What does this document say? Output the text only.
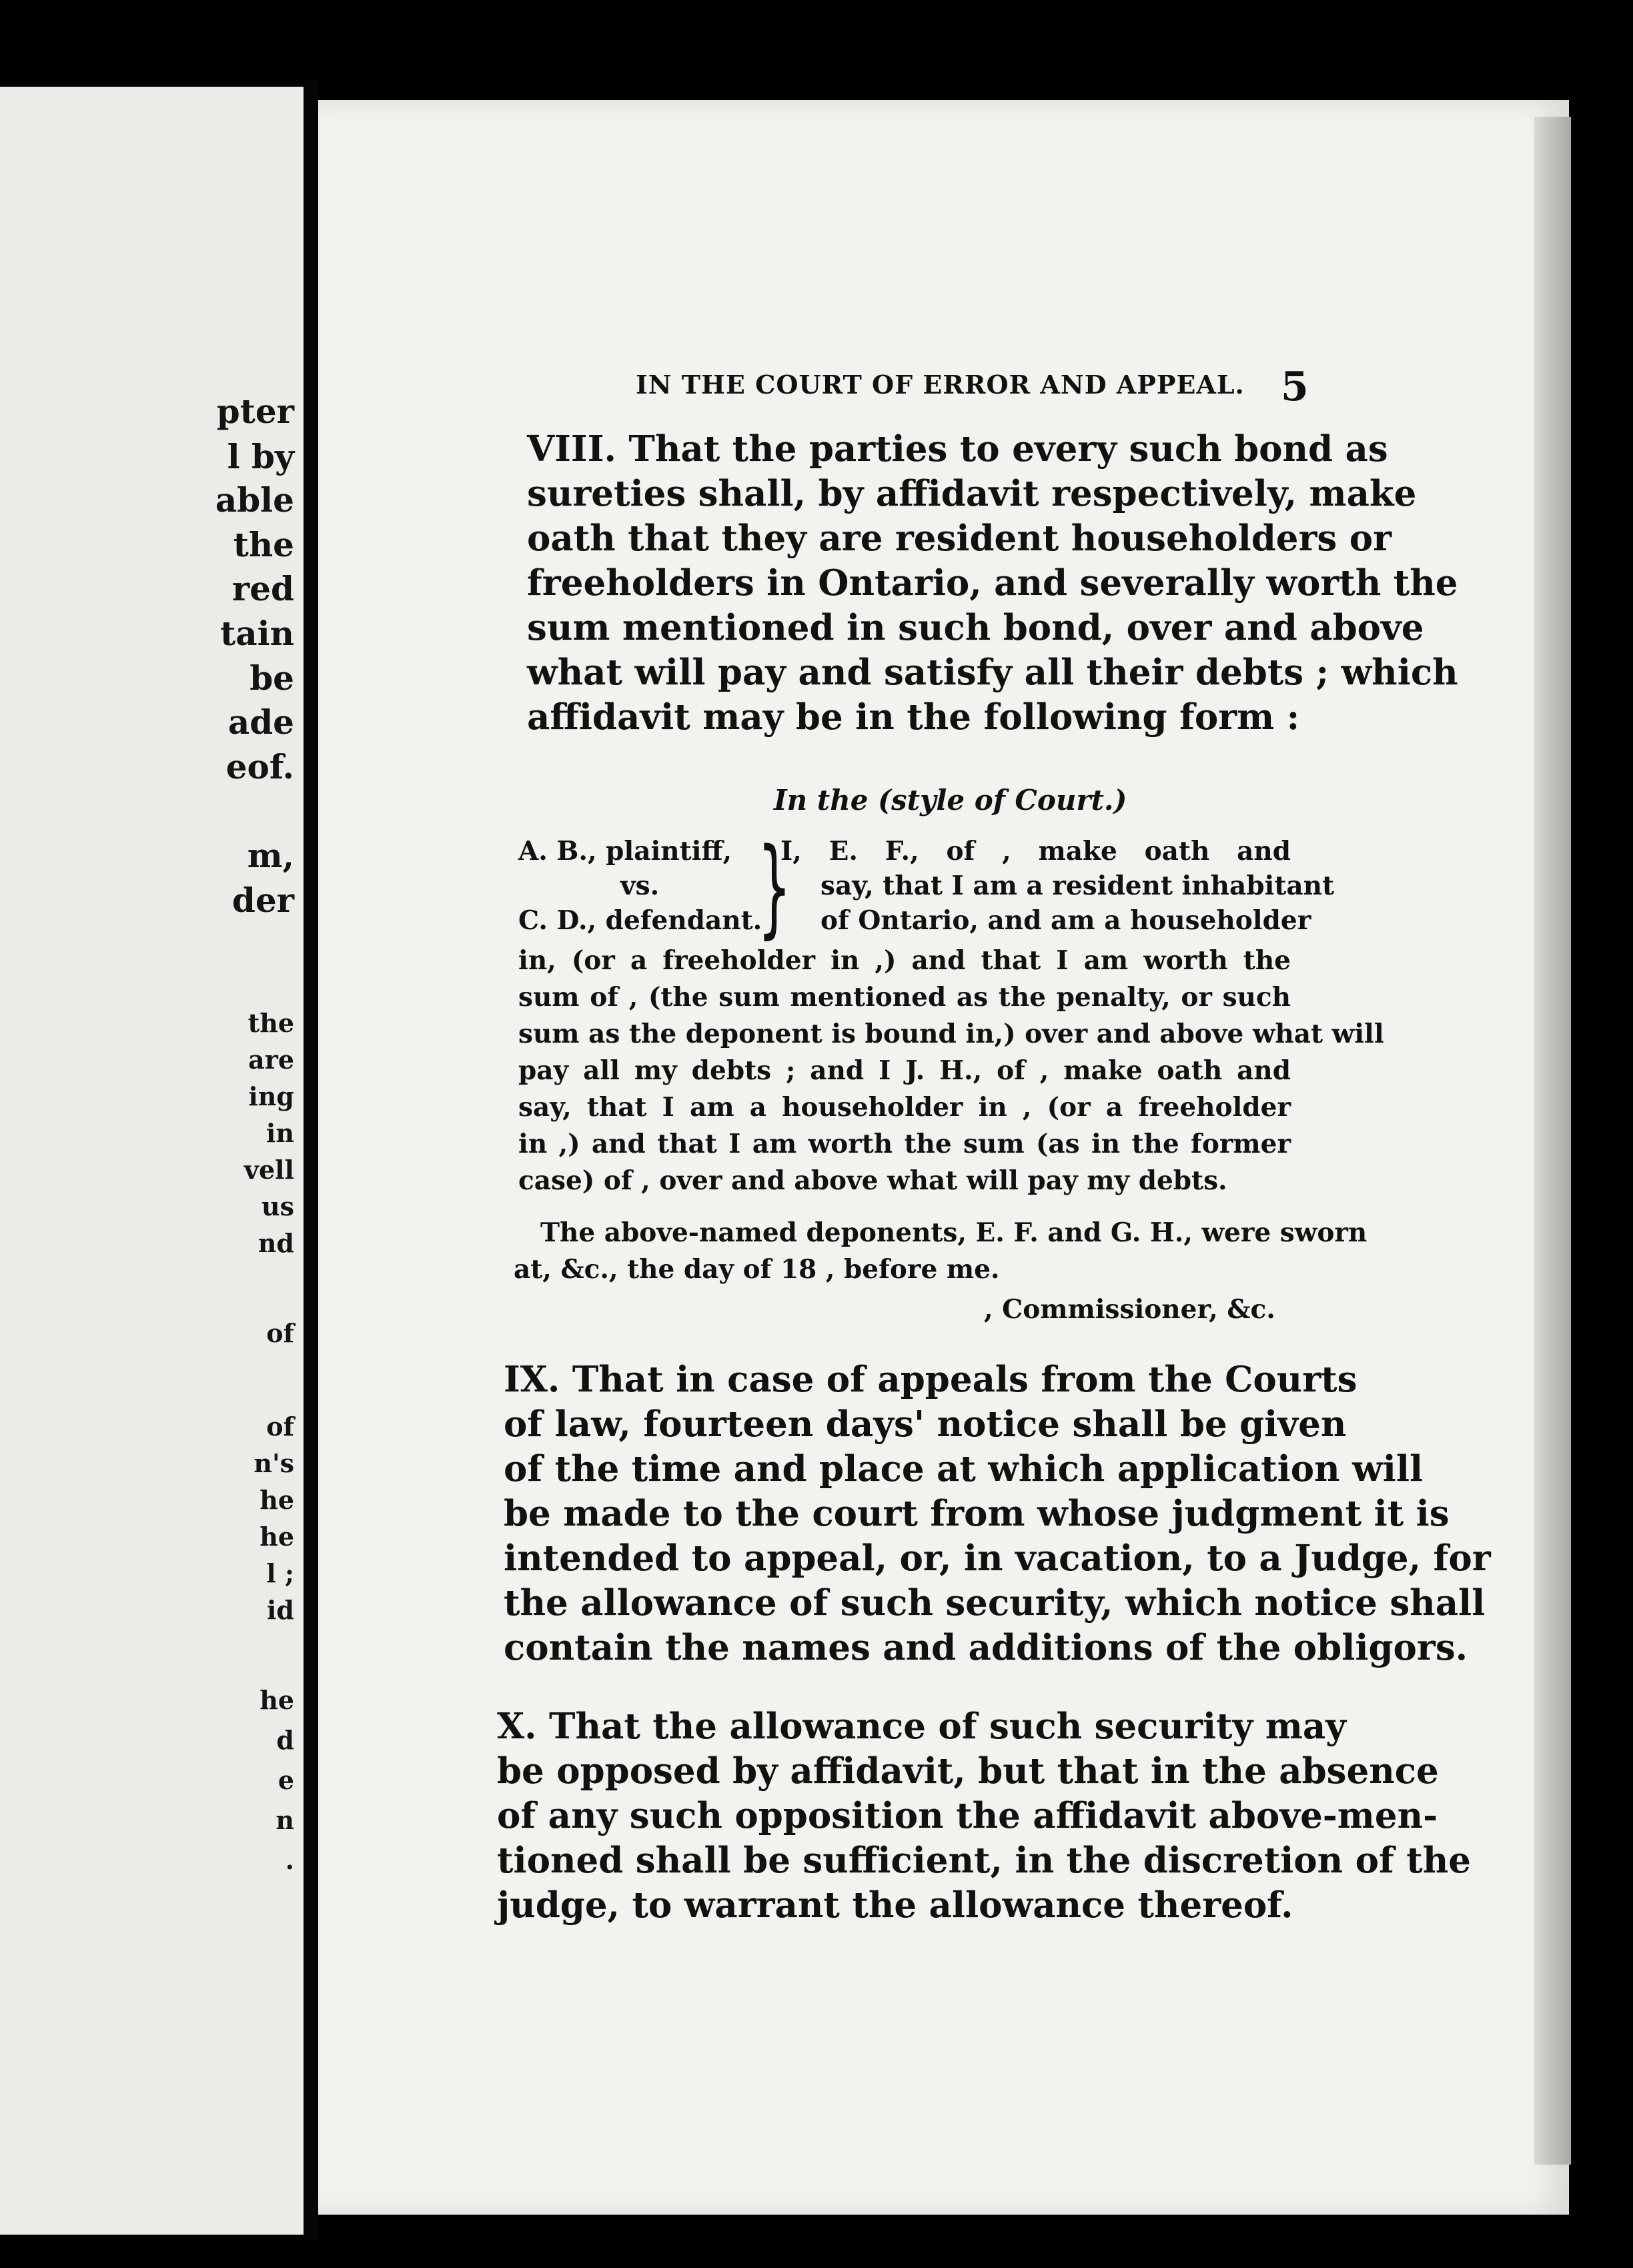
pter
l by
able
the
red
tain
be
ade
eof.
m,
der
the
are
ing
in
vell
us
nd
of
of
n's
he
he
l ;
id
he
d
e
n
.
IN THE COURT OF ERROR AND APPEAL. 5
VIII. That the parties to every such bond as
sureties shall, by affidavit respectively, make
oath that they are resident householders or
freeholders in Ontario, and severally worth the
sum mentioned in such bond, over and above
what will pay and satisfy all their debts ; which
affidavit may be in the following form :
In the (style of Court.)
A. B., plaintiff,
vs.
C. D., defendant.
}
I, E. F., of , make oath and
say, that I am a resident inhabitant
of Ontario, and am a householder
in, (or a freeholder in ,) and that I am worth the
sum of , (the sum mentioned as the penalty, or such
sum as the deponent is bound in,) over and above what will
pay all my debts ; and I J. H., of , make oath and
say, that I am a householder in , (or a freeholder
in ,) and that I am worth the sum (as in the former
case) of , over and above what will pay my debts.
The above-named deponents, E. F. and G. H., were sworn
at, &c., the day of 18 , before me.
, Commissioner, &c.
IX. That in case of appeals from the Courts
of law, fourteen days' notice shall be given
of the time and place at which application will
be made to the court from whose judgment it is
intended to appeal, or, in vacation, to a Judge, for
the allowance of such security, which notice shall
contain the names and additions of the obligors.
X. That the allowance of such security may
be opposed by affidavit, but that in the absence
of any such opposition the affidavit above-men-
tioned shall be sufficient, in the discretion of the
judge, to warrant the allowance thereof.
